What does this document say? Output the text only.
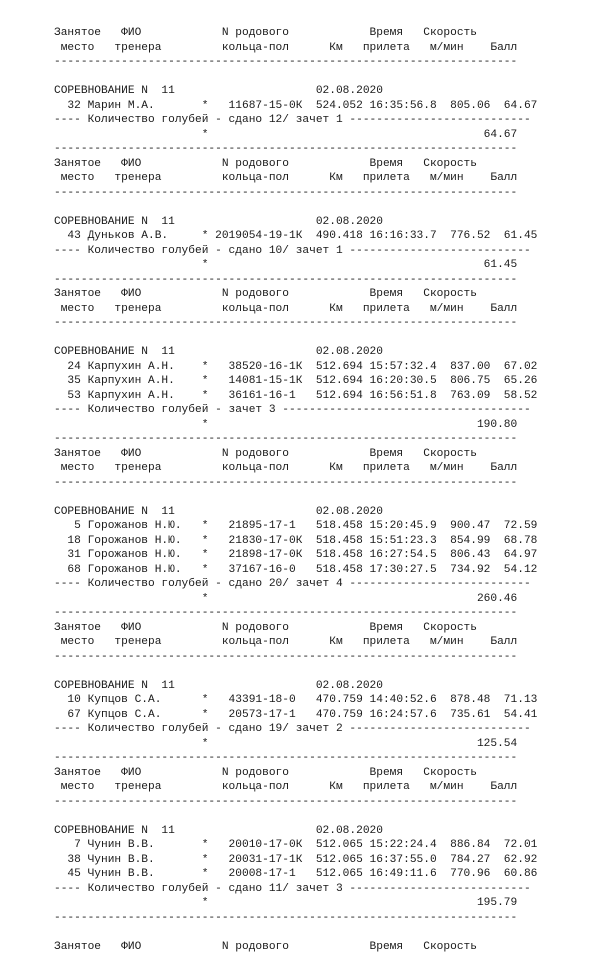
Занятое   ФИО            N родового            Время   Скорость
место   тренера         кольца-пол      Км   прилета   м/мин    Балл
---------------------------------------------------------------------
СОРЕВНОВАНИЕ N  11                     02.08.2020
32 Марин М.А.       *   11687-15-0К  524.052 16:35:56.8  805.06  64.67
---- Количество голубей - сдано 12/ зачет 1 ---------------------------
*                                         64.67
---------------------------------------------------------------------
Занятое   ФИО            N родового            Время   Скорость
место   тренера         кольца-пол      Км   прилета   м/мин    Балл
---------------------------------------------------------------------
СОРЕВНОВАНИЕ N  11                     02.08.2020
43 Дуньков А.В.     * 2019054-19-1К  490.418 16:16:33.7  776.52  61.45
---- Количество голубей - сдано 10/ зачет 1 ---------------------------
*                                         61.45
---------------------------------------------------------------------
Занятое   ФИО            N родового            Время   Скорость
место   тренера         кольца-пол      Км   прилета   м/мин    Балл
---------------------------------------------------------------------
СОРЕВНОВАНИЕ N  11                     02.08.2020
24 Карпухин А.Н.    *   38520-16-1К  512.694 15:57:32.4  837.00  67.02
35 Карпухин А.Н.    *   14081-15-1К  512.694 16:20:30.5  806.75  65.26
53 Карпухин А.Н.    *   36161-16-1   512.694 16:56:51.8  763.09  58.52
---- Количество голубей - зачет 3 -------------------------------------
*                                        190.80
---------------------------------------------------------------------
Занятое   ФИО            N родового            Время   Скорость
место   тренера         кольца-пол      Км   прилета   м/мин    Балл
---------------------------------------------------------------------
СОРЕВНОВАНИЕ N  11                     02.08.2020
5 Горожанов Н.Ю.   *   21895-17-1   518.458 15:20:45.9  900.47  72.59
18 Горожанов Н.Ю.   *   21830-17-0К  518.458 15:51:23.3  854.99  68.78
31 Горожанов Н.Ю.   *   21898-17-0К  518.458 16:27:54.5  806.43  64.97
68 Горожанов Н.Ю.   *   37167-16-0   518.458 17:30:27.5  734.92  54.12
---- Количество голубей - сдано 20/ зачет 4 ---------------------------
*                                        260.46
---------------------------------------------------------------------
Занятое   ФИО            N родового            Время   Скорость
место   тренера         кольца-пол      Км   прилета   м/мин    Балл
---------------------------------------------------------------------
СОРЕВНОВАНИЕ N  11                     02.08.2020
10 Купцов С.А.      *   43391-18-0   470.759 14:40:52.6  878.48  71.13
67 Купцов С.А.      *   20573-17-1   470.759 16:24:57.6  735.61  54.41
---- Количество голубей - сдано 19/ зачет 2 ---------------------------
*                                        125.54
---------------------------------------------------------------------
Занятое   ФИО            N родового            Время   Скорость
место   тренера         кольца-пол      Км   прилета   м/мин    Балл
---------------------------------------------------------------------
СОРЕВНОВАНИЕ N  11                     02.08.2020
7 Чунин В.В.       *   20010-17-0К  512.065 15:22:24.4  886.84  72.01
38 Чунин В.В.       *   20031-17-1К  512.065 16:37:55.0  784.27  62.92
45 Чунин В.В.       *   20008-17-1   512.065 16:49:11.6  770.96  60.86
---- Количество голубей - сдано 11/ зачет 3 ---------------------------
*                                        195.79
---------------------------------------------------------------------
Занятое   ФИО            N родового            Время   Скорость
